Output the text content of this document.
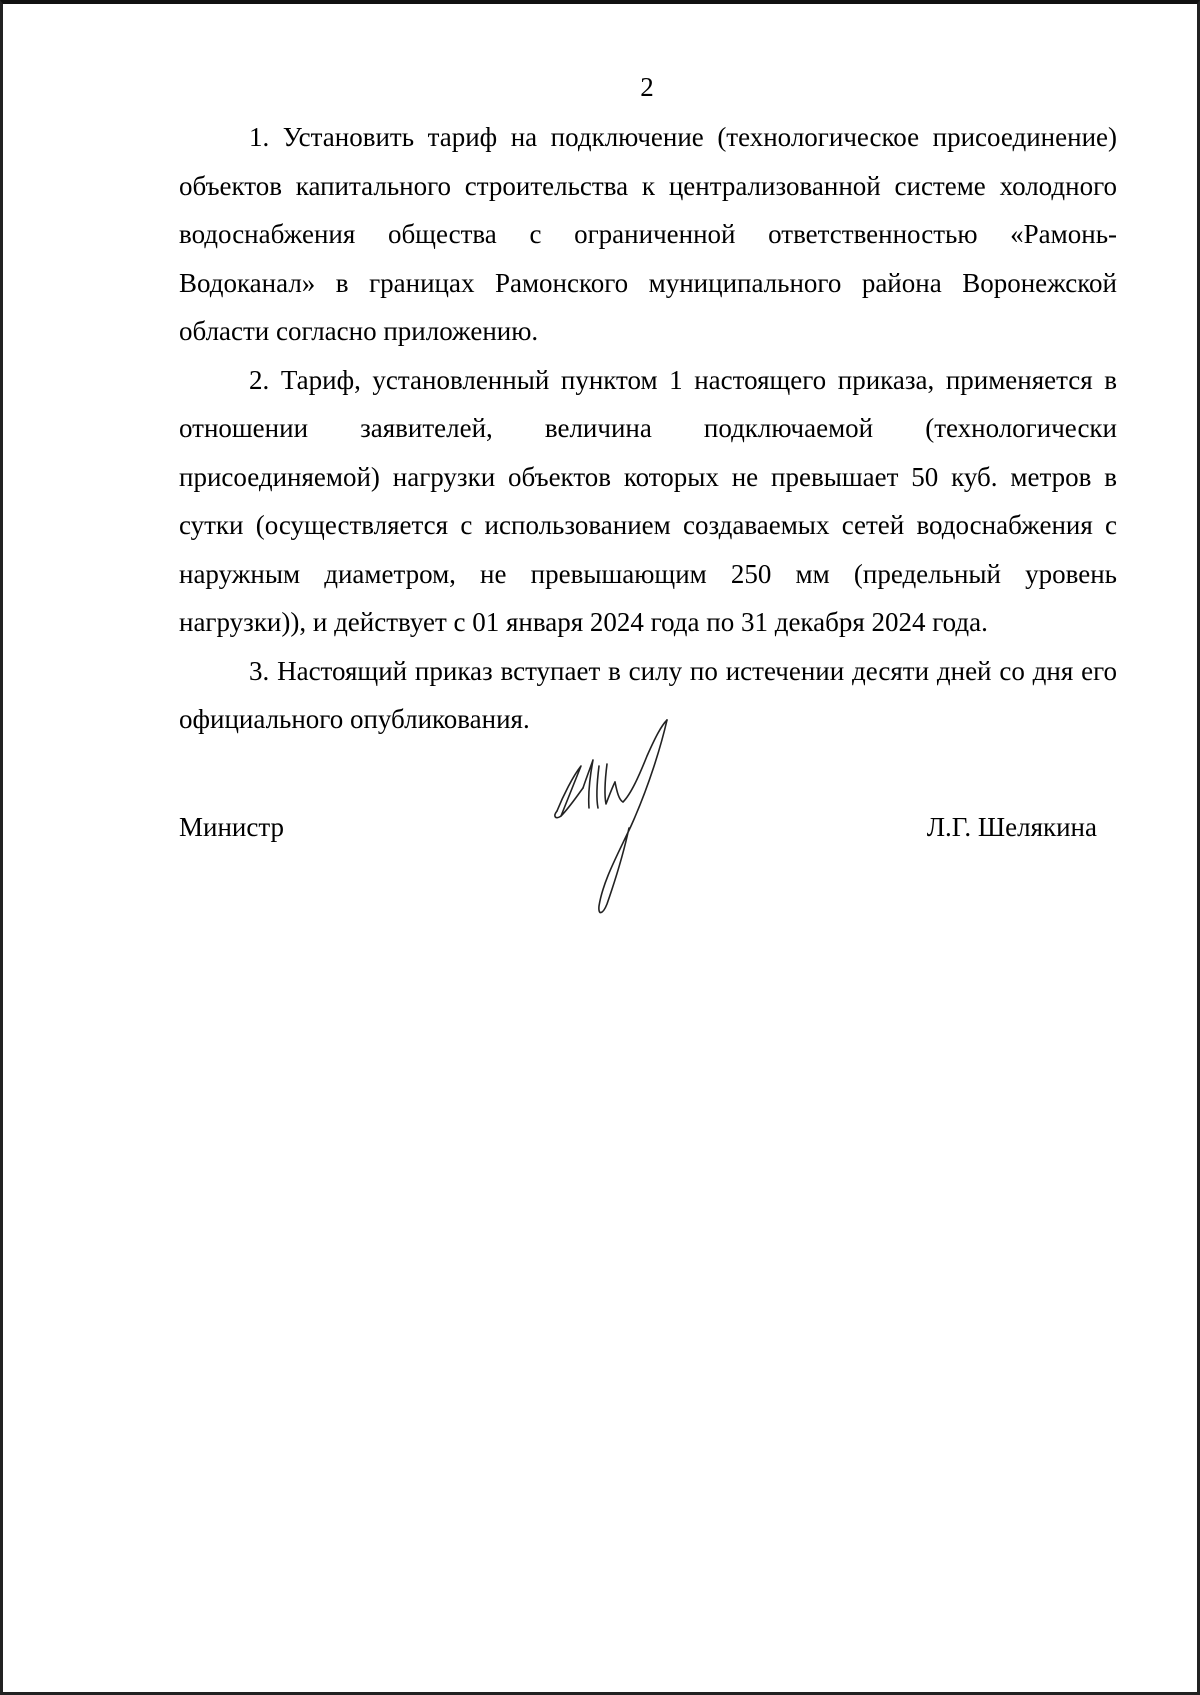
2

1. Установить тариф на подключение (технологическое присоединение) объектов капитального строительства к централизованной системе холодного водоснабжения общества с ограниченной ответственностью «Рамонь-Водоканал» в границах Рамонского муниципального района Воронежской области согласно приложению.

2. Тариф, установленный пунктом 1 настоящего приказа, применяется в отношении заявителей, величина подключаемой (технологически присоединяемой) нагрузки объектов которых не превышает 50 куб. метров в сутки (осуществляется с использованием создаваемых сетей водоснабжения с наружным диаметром, не превышающим 250 мм (предельный уровень нагрузки)), и действует с 01 января 2024 года по 31 декабря 2024 года.

3. Настоящий приказ вступает в силу по истечении десяти дней со дня его официального опубликования.

Министр	Л.Г. Шелякина
